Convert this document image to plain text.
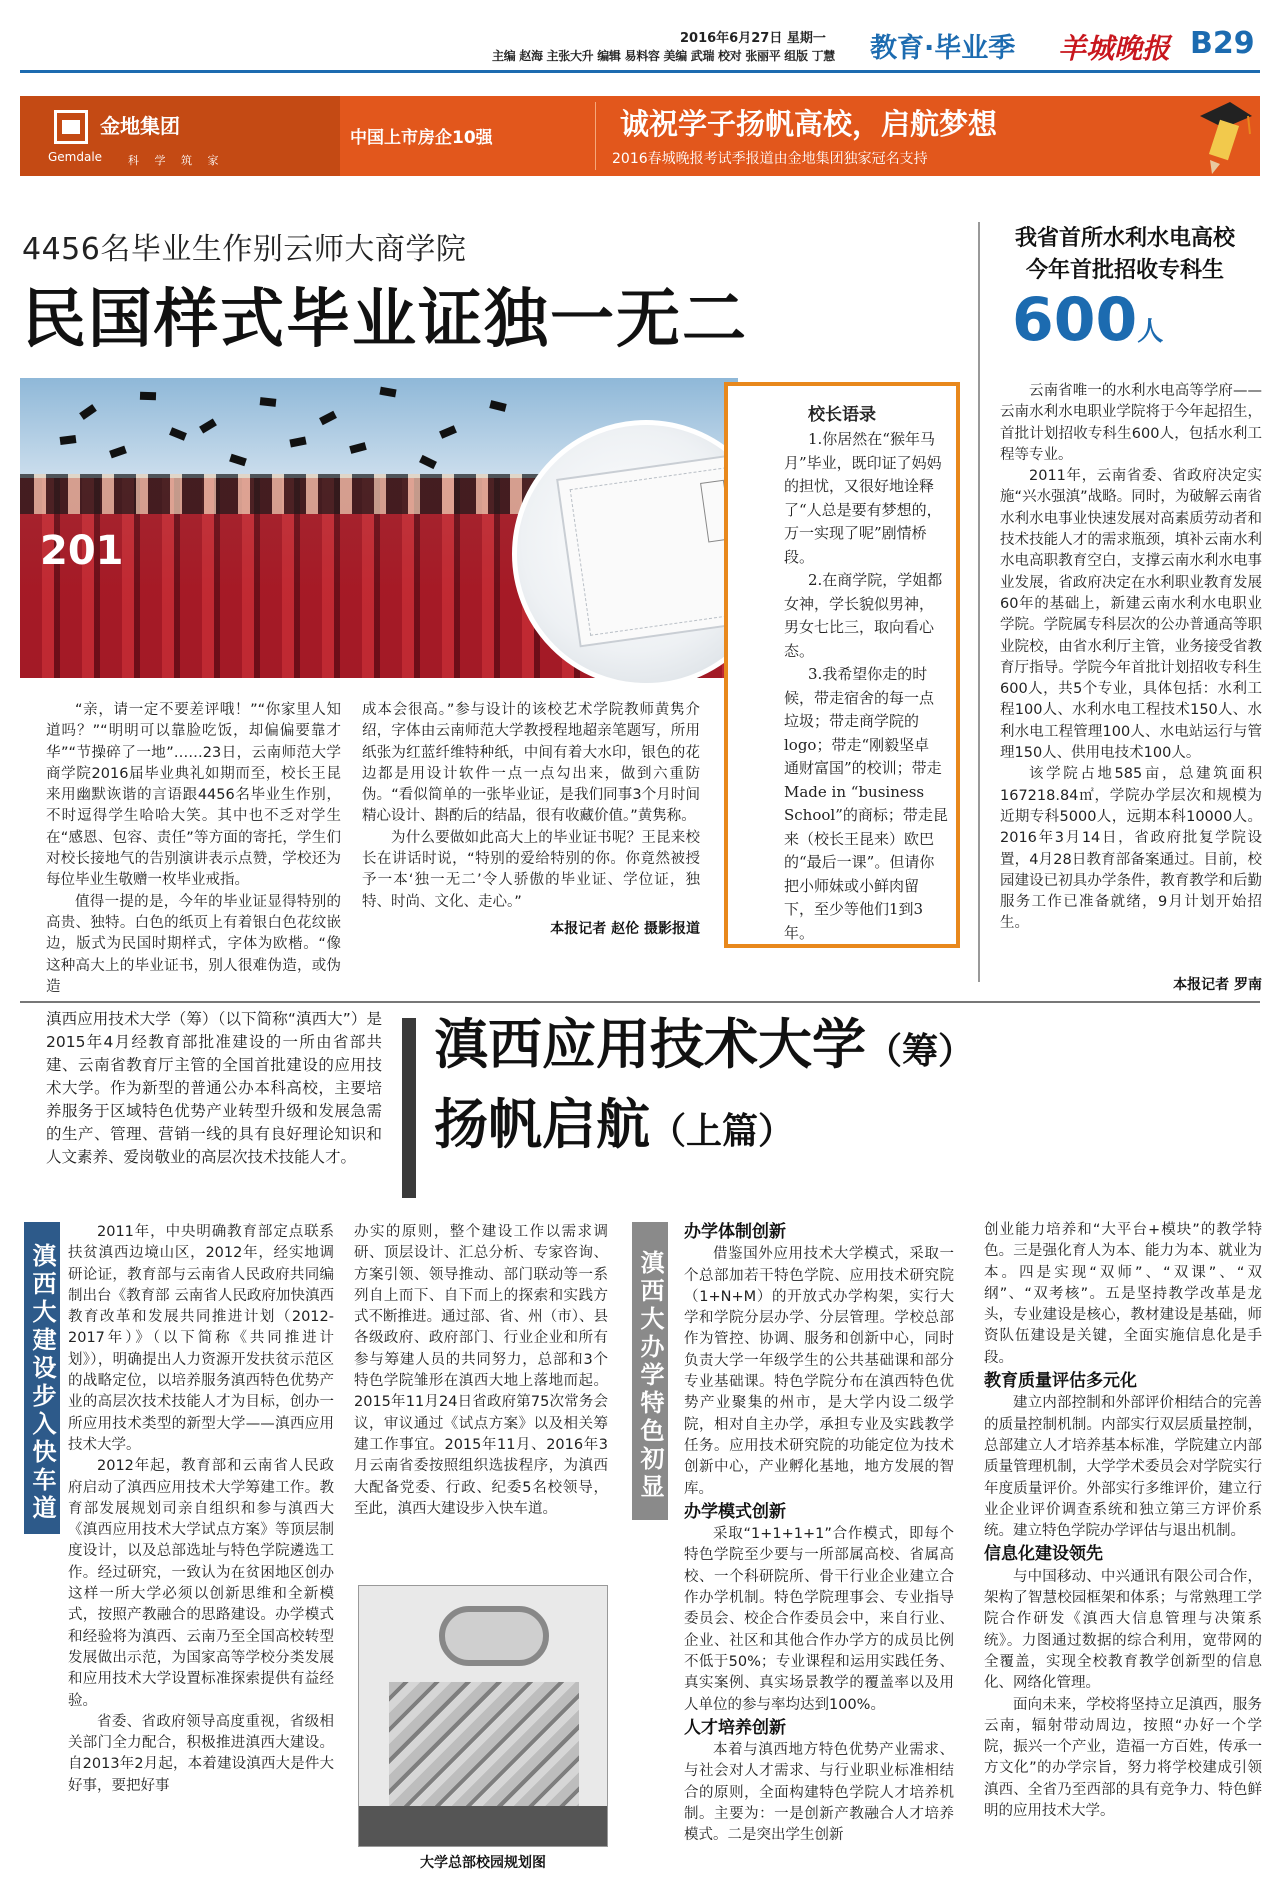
2016年6月27日 星期一
主编 赵海 主张大升 编辑 易料容 美编 武瑞 校对 张丽平 组版 丁慧	教育·毕业季 羊城晚报 B29
金地集团
Gemdale 科 学 筑 家
中国上市房企10强	诚祝学子扬帆高校，启航梦想
2016春城晚报考试季报道由金地集团独家冠名支持
4456名毕业生作别云师大商学院
民国样式毕业证独一无二
201
校长语录

1.你居然在“猴年马月”毕业，既印证了妈妈的担忧，又很好地诠释了“人总是要有梦想的，万一实现了呢”剧情桥段。

2.在商学院，学姐都女神，学长貌似男神，男女七比三，取向看心态。

3.我希望你走的时候，带走宿舍的每一点垃圾；带走商学院的logo；带走“刚毅坚卓 通财富国”的校训；带走Made in “business School”的商标；带走昆来（校长王昆来）欧巴的“最后一课”。但请你把小师妹或小鲜肉留下，至少等他们1到3年。

“亲，请一定不要差评哦！”“你家里人知道吗？”“明明可以靠脸吃饭，却偏偏要靠才华”“节操碎了一地”……23日，云南师范大学商学院2016届毕业典礼如期而至，校长王昆来用幽默诙谐的言语跟4456名毕业生作别，不时逗得学生哈哈大笑。其中也不乏对学生在“感恩、包容、责任”等方面的寄托，学生们对校长接地气的告别演讲表示点赞，学校还为每位毕业生敬赠一枚毕业戒指。

值得一提的是，今年的毕业证显得特别的高贵、独特。白色的纸页上有着银白色花纹嵌边，版式为民国时期样式，字体为欧楷。“像这种高大上的毕业证书，别人很难伪造，或伪造

成本会很高。”参与设计的该校艺术学院教师黄隽介绍，字体由云南师范大学教授程地超亲笔题写，所用纸张为红蓝纤维特种纸，中间有着大水印，银色的花边都是用设计软件一点一点勾出来，做到六重防伪。“看似简单的一张毕业证，是我们同事3个月时间精心设计、斟酌后的结晶，很有收藏价值。”黄隽称。

为什么要做如此高大上的毕业证书呢？王昆来校长在讲话时说，“特别的爱给特别的你。你竟然被授予一本‘独一无二’令人骄傲的毕业证、学位证，独特、时尚、文化、走心。”

本报记者 赵伦 摄影报道
我省首所水利水电高校
今年首批招收专科生
600人

云南省唯一的水利水电高等学府——云南水利水电职业学院将于今年起招生，首批计划招收专科生600人，包括水利工程等专业。

2011年，云南省委、省政府决定实施“兴水强滇”战略。同时，为破解云南省水利水电事业快速发展对高素质劳动者和技术技能人才的需求瓶颈，填补云南水利水电高职教育空白，支撑云南水利水电事业发展，省政府决定在水利职业教育发展60年的基础上，新建云南水利水电职业学院。学院属专科层次的公办普通高等职业院校，由省水利厅主管，业务接受省教育厅指导。学院今年首批计划招收专科生600人，共5个专业，具体包括：水利工程100人、水利水电工程技术150人、水利水电工程管理100人、水电站运行与管理150人、供用电技术100人。

该学院占地585亩，总建筑面积167218.84㎡，学院办学层次和规模为近期专科5000人，远期本科10000人。2016年3月14日，省政府批复学院设置，4月28日教育部备案通过。目前，校园建设已初具办学条件，教育教学和后勤服务工作已准备就绪，9月计划开始招生。

本报记者 罗南
滇西应用技术大学（筹）（以下简称“滇西大”）是2015年4月经教育部批准建设的一所由省部共建、云南省教育厅主管的全国首批建设的应用技术大学。作为新型的普通公办本科高校，主要培养服务于区域特色优势产业转型升级和发展急需的生产、管理、营销一线的具有良好理论知识和人文素养、爱岗敬业的高层次技术技能人才。
滇西应用技术大学（筹）
扬帆启航（上篇）
滇西大建设步入快车道	滇西大办学特色初显

2011年，中央明确教育部定点联系扶贫滇西边境山区，2012年，经实地调研论证，教育部与云南省人民政府共同编制出台《教育部 云南省人民政府加快滇西教育改革和发展共同推进计划（2012-2017年）》（以下简称《共同推进计划》），明确提出人力资源开发扶贫示范区的战略定位，以培养服务滇西特色优势产业的高层次技术技能人才为目标，创办一所应用技术类型的新型大学——滇西应用技术大学。

2012年起，教育部和云南省人民政府启动了滇西应用技术大学筹建工作。教育部发展规划司亲自组织和参与滇西大《滇西应用技术大学试点方案》等顶层制度设计，以及总部选址与特色学院遴选工作。经过研究，一致认为在贫困地区创办这样一所大学必须以创新思维和全新模式，按照产教融合的思路建设。办学模式和经验将为滇西、云南乃至全国高校转型发展做出示范，为国家高等学校分类发展和应用技术大学设置标准探索提供有益经验。

省委、省政府领导高度重视，省级相关部门全力配合，积极推进滇西大建设。自2013年2月起，本着建设滇西大是件大好事，要把好事

办实的原则，整个建设工作以需求调研、顶层设计、汇总分析、专家咨询、方案引领、领导推动、部门联动等一系列自上而下、自下而上的探索和实践方式不断推进。通过部、省、州（市）、县各级政府、政府部门、行业企业和所有参与筹建人员的共同努力，总部和3个特色学院雏形在滇西大地上落地而起。2015年11月24日省政府第75次常务会议，审议通过《试点方案》以及相关筹建工作事宜。2015年11月、2016年3月云南省委按照组织选拔程序，为滇西大配备党委、行政、纪委5名校领导，至此，滇西大建设步入快车道。

大学总部校园规划图
办学体制创新

借鉴国外应用技术大学模式，采取一个总部加若干特色学院、应用技术研究院（1+N+M）的开放式办学构架，实行大学和学院分层办学、分层管理。学校总部作为管控、协调、服务和创新中心，同时负责大学一年级学生的公共基础课和部分专业基础课。特色学院分布在滇西特色优势产业聚集的州市，是大学内设二级学院，相对自主办学，承担专业及实践教学任务。应用技术研究院的功能定位为技术创新中心，产业孵化基地，地方发展的智库。

办学模式创新

采取“1+1+1+1”合作模式，即每个特色学院至少要与一所部属高校、省属高校、一个科研院所、骨干行业企业建立合作办学机制。特色学院理事会、专业指导委员会、校企合作委员会中，来自行业、企业、社区和其他合作办学方的成员比例不低于50%；专业课程和运用实践任务、真实案例、真实场景教学的覆盖率以及用人单位的参与率均达到100%。

人才培养创新

本着与滇西地方特色优势产业需求、与社会对人才需求、与行业职业标准相结合的原则，全面构建特色学院人才培养机制。主要为：一是创新产教融合人才培养模式。二是突出学生创新

创业能力培养和“大平台+模块”的教学特色。三是强化育人为本、能力为本、就业为本。四是实现“双师”、“双课”、“双纲”、“双考核”。五是坚持教学改革是龙头，专业建设是核心，教材建设是基础，师资队伍建设是关键，全面实施信息化是手段。

教育质量评估多元化

建立内部控制和外部评价相结合的完善的质量控制机制。内部实行双层质量控制，总部建立人才培养基本标准，学院建立内部质量管理机制，大学学术委员会对学院实行年度质量评价。外部实行多维评价，建立行业企业评价调查系统和独立第三方评价系统。建立特色学院办学评估与退出机制。

信息化建设领先

与中国移动、中兴通讯有限公司合作，架构了智慧校园框架和体系；与常熟理工学院合作研发《滇西大信息管理与决策系统》。力图通过数据的综合利用，宽带网的全覆盖，实现全校教育教学创新型的信息化、网络化管理。

面向未来，学校将坚持立足滇西，服务云南，辐射带动周边，按照“办好一个学院，振兴一个产业，造福一方百姓，传承一方文化”的办学宗旨，努力将学校建成引领滇西、全省乃至西部的具有竞争力、特色鲜明的应用技术大学。
